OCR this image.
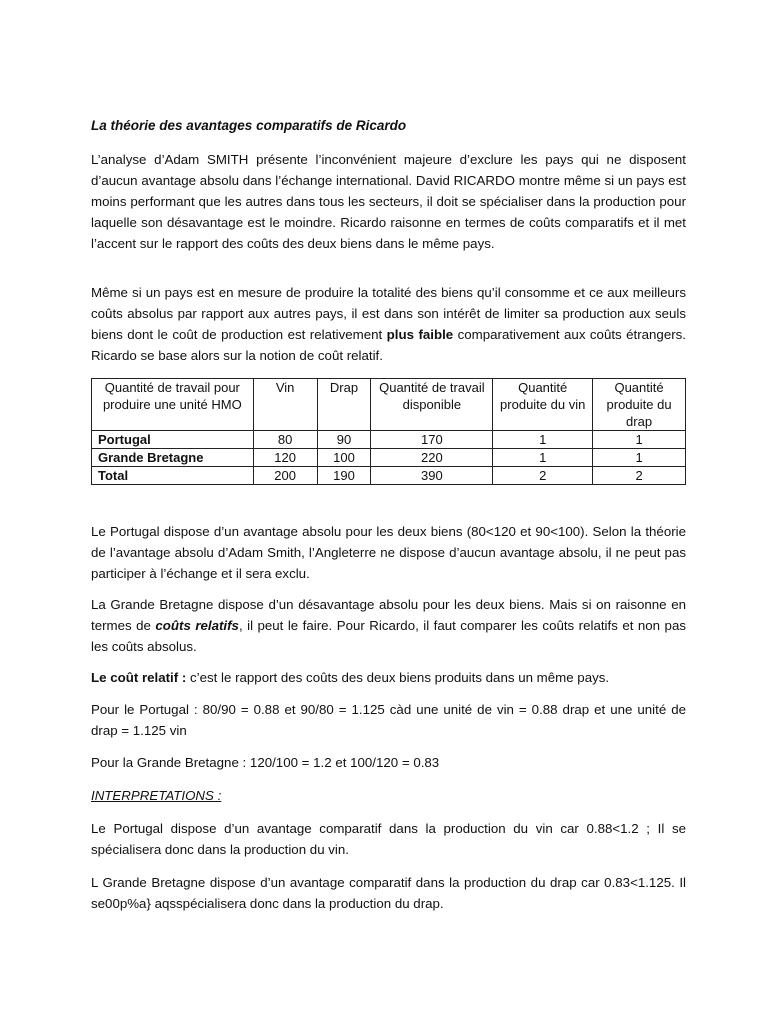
La théorie des avantages comparatifs de Ricardo

L’analyse d’Adam SMITH présente l’inconvénient majeure d’exclure les pays qui ne disposent d’aucun avantage absolu dans l’échange international. David RICARDO montre même si un pays est moins performant que les autres dans tous les secteurs, il doit se spécialiser dans la production pour laquelle son désavantage est le moindre. Ricardo raisonne en termes de coûts comparatifs et il met l’accent sur le rapport des coûts des deux biens dans le même pays.

Même si un pays est en mesure de produire la totalité des biens qu’il consomme et ce aux meilleurs coûts absolus par rapport aux autres pays, il est dans son intérêt de limiter sa production aux seuls biens dont le coût de production est relativement plus faible comparativement aux coûts étrangers. Ricardo se base alors sur la notion de coût relatif.

Quantité de travail pour produire une unité HMO	Vin	Drap	Quantité de travail disponible	Quantité produite du vin	Quantité produite du drap
Portugal	80	90	170	1	1
Grande Bretagne	120	100	220	1	1
Total	200	190	390	2	2

Le Portugal dispose d’un avantage absolu pour les deux biens (80<120 et 90<100). Selon la théorie de l’avantage absolu d’Adam Smith, l’Angleterre ne dispose d’aucun avantage absolu, il ne peut pas participer à l’échange et il sera exclu.

La Grande Bretagne dispose d’un désavantage absolu pour les deux biens. Mais si on raisonne en termes de coûts relatifs, il peut le faire. Pour Ricardo, il faut comparer les coûts relatifs et non pas les coûts absolus.

Le coût relatif : c’est le rapport des coûts des deux biens produits dans un même pays.

Pour le Portugal : 80/90 = 0.88 et 90/80 = 1.125 càd une unité de vin = 0.88 drap et une unité de drap = 1.125 vin

Pour la Grande Bretagne : 120/100 = 1.2 et 100/120 = 0.83

INTERPRETATIONS :

Le Portugal dispose d’un avantage comparatif dans la production du vin car 0.88<1.2 ; Il se spécialisera donc dans la production du vin.

L Grande Bretagne dispose d’un avantage comparatif dans la production du drap car 0.83<1.125. Il se00p%a} aqsspécialisera donc dans la production du drap.
